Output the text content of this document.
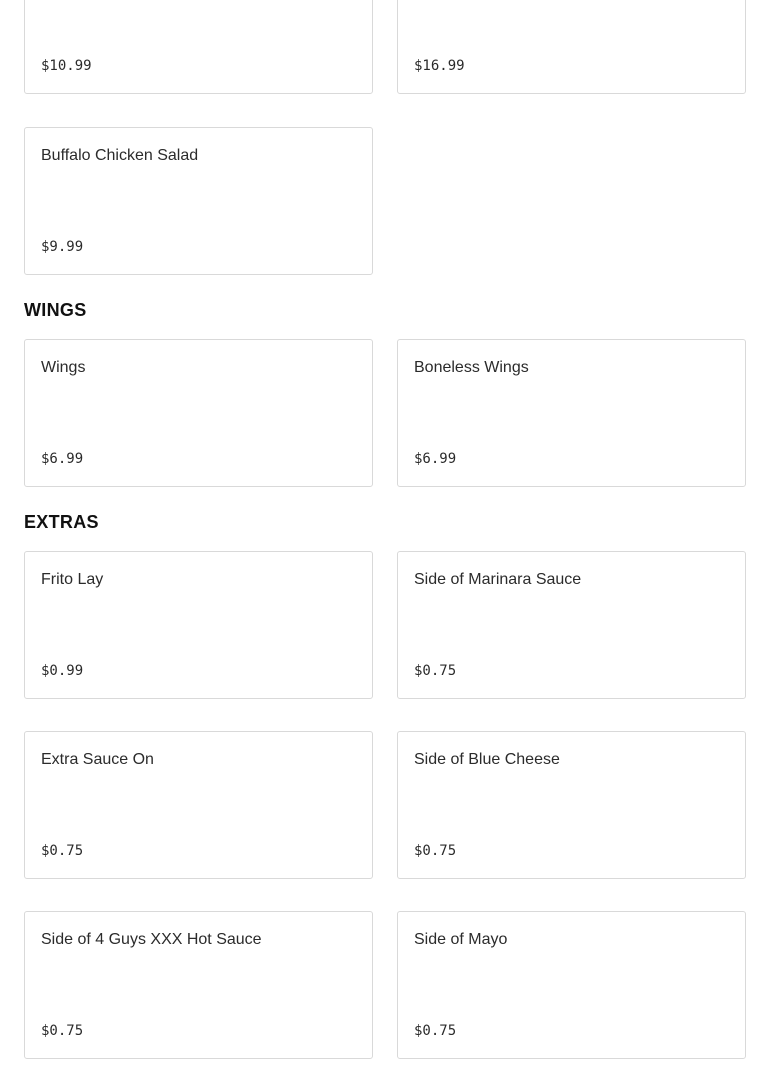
$10.99	$16.99
Buffalo Chicken Salad
$9.99
WINGS
Wings
$6.99
Boneless Wings
$6.99
EXTRAS
Frito Lay
$0.99
Side of Marinara Sauce
$0.75
Extra Sauce On
$0.75
Side of Blue Cheese
$0.75
Side of 4 Guys XXX Hot Sauce
$0.75
Side of Mayo
$0.75
